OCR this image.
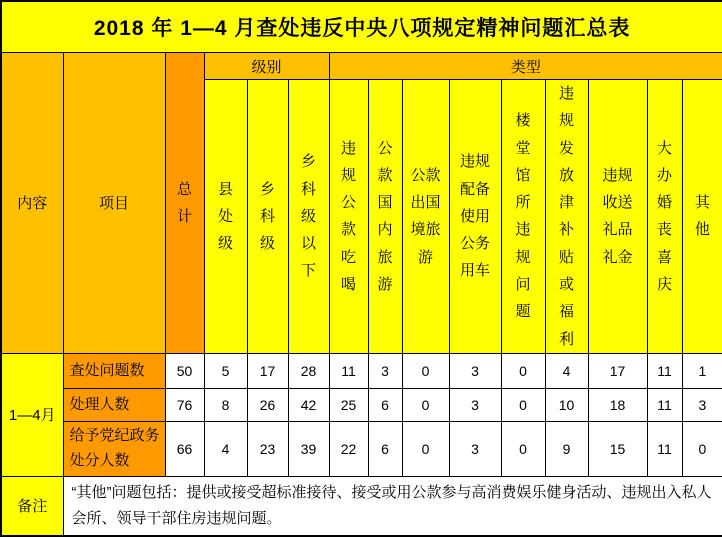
2018 年 1—4 月查处违反中央八项规定精神问题汇总表														
内容	项目	总计	级别			类型								

			县处级	乡科级	乡科级以下	违规公款吃喝	公款国内旅游	公款出国境旅游	违规配备使用公务用车	楼堂馆所违规问题	违规发放津补贴或福利	违规收送礼品礼金	大办婚丧喜庆	其他

1—4月	查处问题数	50	5	17	28	11	3	0	3	0	4	17	11	1
	处理人数	76	8	26	42	25	6	0	3	0	10	18	11	3
	给予党纪政务处分人数	66	4	23	39	22	6	0	3	0	9	15	11	0
备注	“其他”问题包括：提供或接受超标准接待、接受或用公款参与高消费娱乐健身活动、违规出入私人会所、领导干部住房违规问题。													
